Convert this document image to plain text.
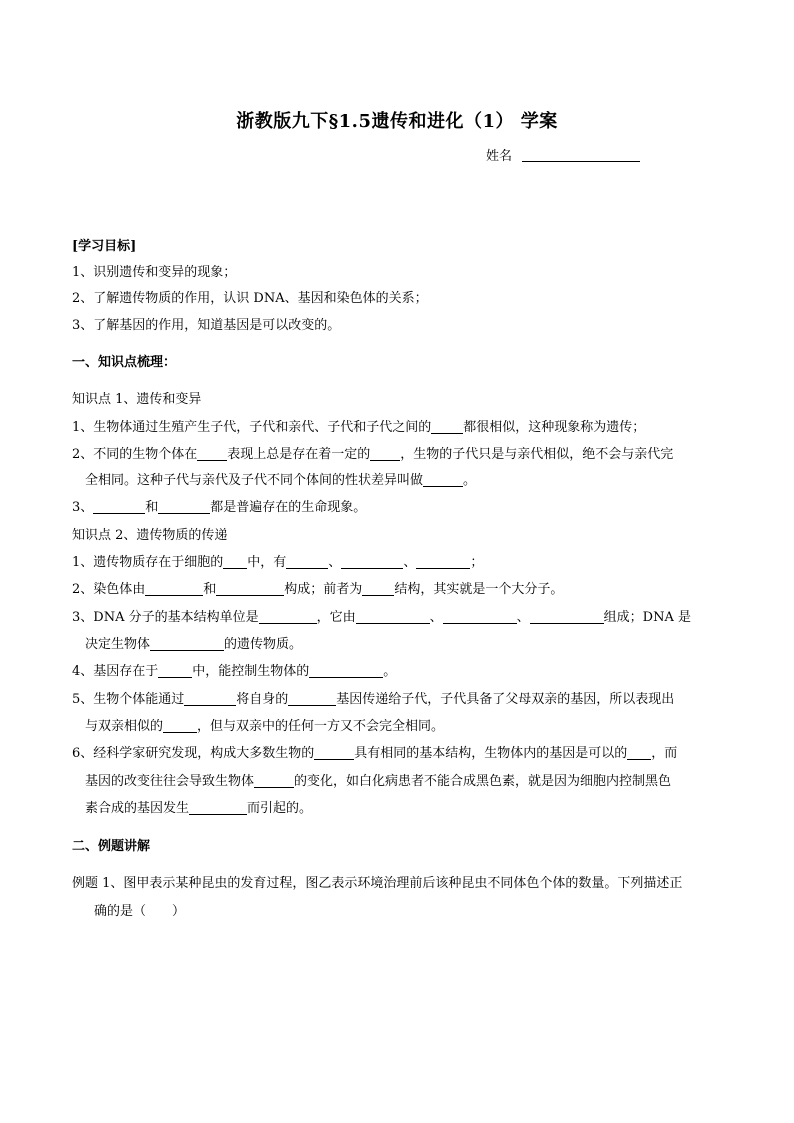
浙教版九下§1.5遗传和进化（1） 学案
姓名
[学习目标]
1、识别遗传和变异的现象；
2、了解遗传物质的作用，认识 DNA、基因和染色体的关系；
3、了解基因的作用，知道基因是可以改变的。
一、知识点梳理：
知识点 1、遗传和变异
1、生物体通过生殖产生子代，子代和亲代、子代和子代之间的 都很相似，这种现象称为遗传；
2、不同的生物个体在 表现上总是存在着一定的 ，生物的子代只是与亲代相似，绝不会与亲代完
全相同。这种子代与亲代及子代不同个体间的性状差异叫做	。
3、	和	都是普遍存在的生命现象。
知识点 2、遗传物质的传递
1、遗传物质存在于细胞的 中，有	、	、	；
2、染色体由	和	构成；前者为 结构，其实就是一个大分子。
3、DNA 分子的基本结构单位是	，它由	、	、	组成；DNA 是
决定生物体	的遗传物质。
4、基因存在于	中，能控制生物体的	。
5、生物个体能通过	将自身的	基因传递给子代，子代具备了父母双亲的基因，所以表现出
与双亲相似的	，但与双亲中的任何一方又不会完全相同。
6、经科学家研究发现，构成大多数生物的	具有相同的基本结构，生物体内的基因是可以的 ，而
基因的改变往往会导致生物体	的变化，如白化病患者不能合成黑色素，就是因为细胞内控制黑色
素合成的基因发生	而引起的。
二、例题讲解
例题 1、图甲表示某种昆虫的发育过程，图乙表示环境治理前后该种昆虫不同体色个体的数量。下列描述正
确的是（　　）
